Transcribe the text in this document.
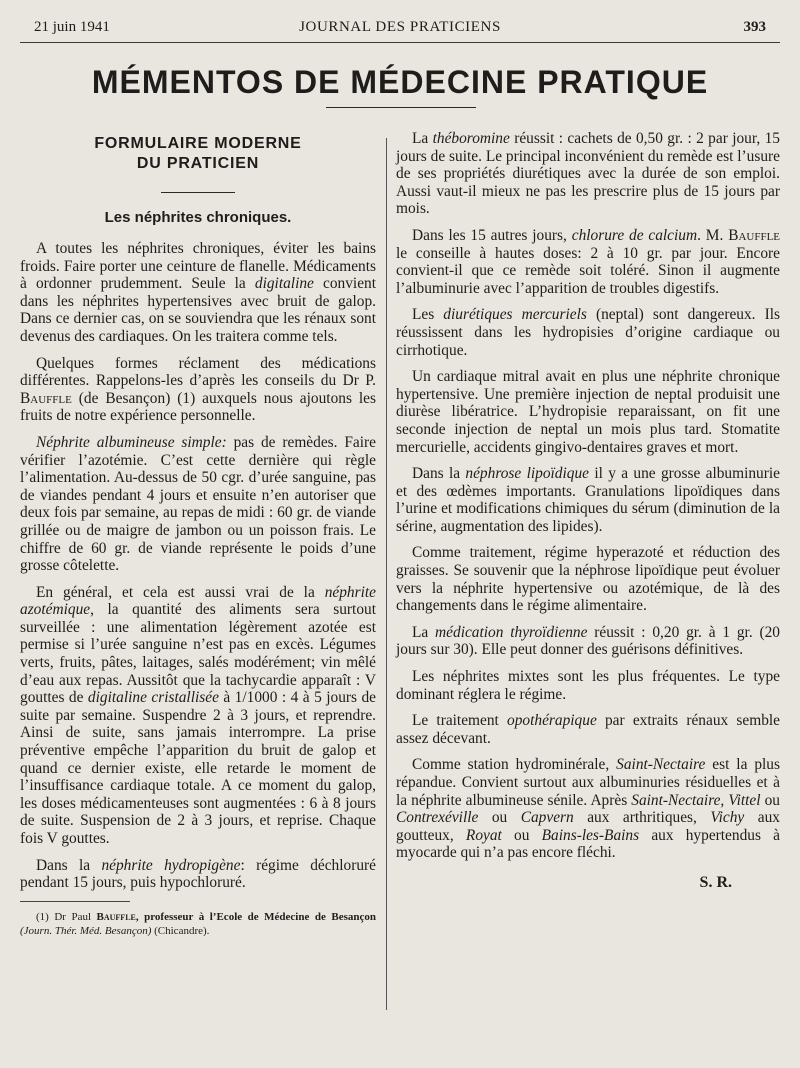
21 juin 1941	JOURNAL DES PRATICIENS	393
MÉMENTOS DE MÉDECINE PRATIQUE
FORMULAIRE MODERNE
DU PRATICIEN
Les néphrites chroniques.

A toutes les néphrites chroniques, éviter les bains froids. Faire porter une ceinture de flanelle. Médicaments à ordonner prudemment. Seule la digitaline convient dans les néphrites hypertensives avec bruit de galop. Dans ce dernier cas, on se souviendra que les rénaux sont devenus des cardiaques. On les traitera comme tels.

Quelques formes réclament des médications différentes. Rappelons-les d’après les conseils du Dr P. Bauffle (de Besançon) (1) auxquels nous ajoutons les fruits de notre expérience personnelle.

Néphrite albumineuse simple: pas de remèdes. Faire vérifier l’azotémie. C’est cette dernière qui règle l’alimentation. Au-dessus de 50 cgr. d’urée sanguine, pas de viandes pendant 4 jours et ensuite n’en autoriser que deux fois par semaine, au repas de midi : 60 gr. de viande grillée ou de maigre de jambon ou un poisson frais. Le chiffre de 60 gr. de viande représente le poids d’une grosse côtelette.

En général, et cela est aussi vrai de la néphrite azotémique, la quantité des aliments sera surtout surveillée : une alimentation légèrement azotée est permise si l’urée sanguine n’est pas en excès. Légumes verts, fruits, pâtes, laitages, salés modérément; vin mêlé d’eau aux repas. Aussitôt que la tachycardie apparaît : V gouttes de digitaline cristallisée à 1/1000 : 4 à 5 jours de suite par semaine. Suspendre 2 à 3 jours, et reprendre. Ainsi de suite, sans jamais interrompre. La prise préventive empêche l’apparition du bruit de galop et quand ce dernier existe, elle retarde le moment de l’insuffisance cardiaque totale. A ce moment du galop, les doses médicamenteuses sont augmentées : 6 à 8 jours de suite. Suspension de 2 à 3 jours, et reprise. Chaque fois V gouttes.

Dans la néphrite hydropigène: régime déchloruré pendant 15 jours, puis hypochloruré.

(1) Dr Paul Bauffle, professeur à l’Ecole de Médecine de Besançon (Journ. Thér. Méd. Besançon) (Chicandre).

La théboromine réussit : cachets de 0,50 gr. : 2 par jour, 15 jours de suite. Le principal inconvénient du remède est l’usure de ses propriétés diurétiques avec la durée de son emploi. Aussi vaut-il mieux ne pas les prescrire plus de 15 jours par mois.

Dans les 15 autres jours, chlorure de calcium. M. Bauffle le conseille à hautes doses: 2 à 10 gr. par jour. Encore convient-il que ce remède soit toléré. Sinon il augmente l’albuminurie avec l’apparition de troubles digestifs.

Les diurétiques mercuriels (neptal) sont dangereux. Ils réussissent dans les hydropisies d’origine cardiaque ou cirrhotique.

Un cardiaque mitral avait en plus une néphrite chronique hypertensive. Une première injection de neptal produisit une diurèse libératrice. L’hydropisie reparaissant, on fit une seconde injection de neptal un mois plus tard. Stomatite mercurielle, accidents gingivo-dentaires graves et mort.

Dans la néphrose lipoïdique il y a une grosse albuminurie et des œdèmes importants. Granulations lipoïdiques dans l’urine et modifications chimiques du sérum (diminution de la sérine, augmentation des lipides).

Comme traitement, régime hyperazoté et réduction des graisses. Se souvenir que la néphrose lipoïdique peut évoluer vers la néphrite hypertensive ou azotémique, de là des changements dans le régime alimentaire.

La médication thyroïdienne réussit : 0,20 gr. à 1 gr. (20 jours sur 30). Elle peut donner des guérisons définitives.

Les néphrites mixtes sont les plus fréquentes. Le type dominant réglera le régime.

Le traitement opothérapique par extraits rénaux semble assez décevant.

Comme station hydrominérale, Saint-Nectaire est la plus répandue. Convient surtout aux albuminuries résiduelles et à la néphrite albumineuse sénile. Après Saint-Nectaire, Vittel ou Contrexéville ou Capvern aux arthritiques, Vichy aux goutteux, Royat ou Bains-les-Bains aux hypertendus à myocarde qui n’a pas encore fléchi.

S. R.
